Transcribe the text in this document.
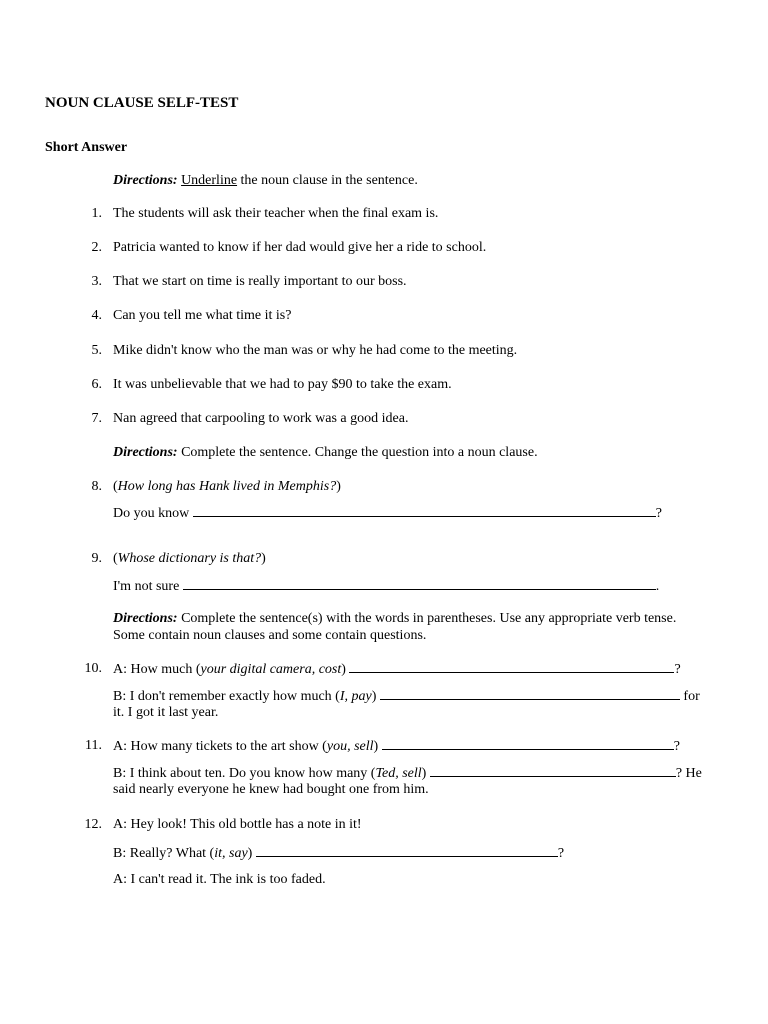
NOUN CLAUSE SELF-TEST
Short Answer
Directions: Underline the noun clause in the sentence.
1. The students will ask their teacher when the final exam is.
2. Patricia wanted to know if her dad would give her a ride to school.
3. That we start on time is really important to our boss.
4. Can you tell me what time it is?
5. Mike didn't know who the man was or why he had come to the meeting.
6. It was unbelievable that we had to pay $90 to take the exam.
7. Nan agreed that carpooling to work was a good idea.
Directions: Complete the sentence. Change the question into a noun clause.
8. (How long has Hank lived in Memphis?)
Do you know	?
9. (Whose dictionary is that?)
I'm not sure	.
Directions: Complete the sentence(s) with the words in parentheses. Use any appropriate verb tense.
Some contain noun clauses and some contain questions.
10. A: How much (your digital camera, cost)	?
B: I don't remember exactly how much (I, pay)	for
it. I got it last year.
11. A: How many tickets to the art show (you, sell)	?
B: I think about ten. Do you know how many (Ted, sell)	? He
said nearly everyone he knew had bought one from him.
12. A: Hey look! This old bottle has a note in it!
B: Really? What (it, say)	?
A: I can't read it. The ink is too faded.
